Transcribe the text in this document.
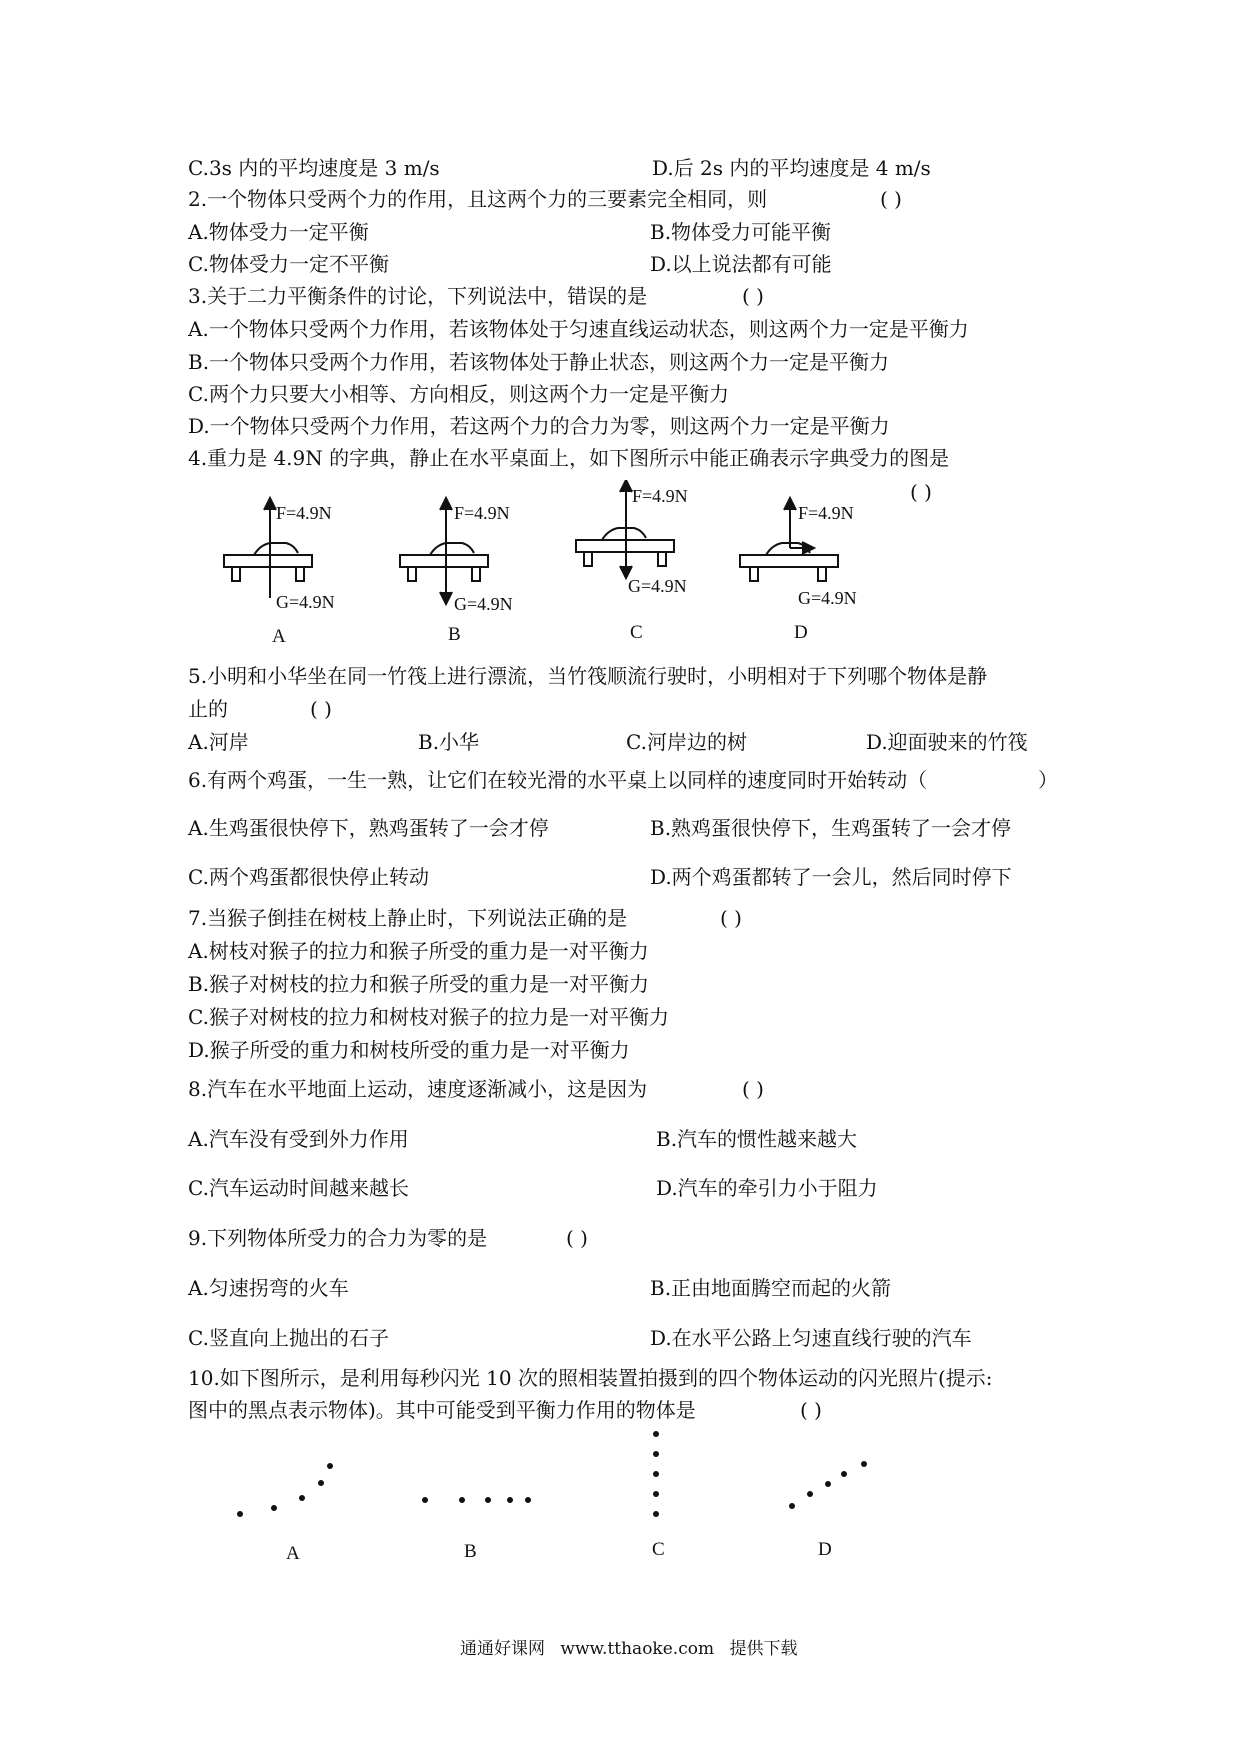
C.3s 内的平均速度是 3 m/s	D.后 2s 内的平均速度是 4 m/s
2.一个物体只受两个力的作用，且这两个力的三要素完全相同，则	( )
A.物体受力一定平衡	B.物体受力可能平衡
C.物体受力一定不平衡	D.以上说法都有可能
3.关于二力平衡条件的讨论，下列说法中，错误的是	( )
A.一个物体只受两个力作用，若该物体处于匀速直线运动状态，则这两个力一定是平衡力
B.一个物体只受两个力作用，若该物体处于静止状态，则这两个力一定是平衡力
C.两个力只要大小相等、方向相反，则这两个力一定是平衡力
D.一个物体只受两个力作用，若这两个力的合力为零，则这两个力一定是平衡力
4.重力是 4.9N 的字典，静止在水平桌面上，如下图所示中能正确表示字典受力的图是
( )
F=4.9N
G=4.9N
F=4.9N
G=4.9N
F=4.9N
G=4.9N
F=4.9N
G=4.9N
A	B	C	D
5.小明和小华坐在同一竹筏上进行漂流，当竹筏顺流行驶时，小明相对于下列哪个物体是静
止的	( )
A.河岸	B.小华	C.河岸边的树	D.迎面驶来的竹筏
6.有两个鸡蛋，一生一熟，让它们在较光滑的水平桌上以同样的速度同时开始转动（	）
A.生鸡蛋很快停下，熟鸡蛋转了一会才停	B.熟鸡蛋很快停下，生鸡蛋转了一会才停
C.两个鸡蛋都很快停止转动	D.两个鸡蛋都转了一会儿，然后同时停下
7.当猴子倒挂在树枝上静止时，下列说法正确的是	( )
A.树枝对猴子的拉力和猴子所受的重力是一对平衡力
B.猴子对树枝的拉力和猴子所受的重力是一对平衡力
C.猴子对树枝的拉力和树枝对猴子的拉力是一对平衡力
D.猴子所受的重力和树枝所受的重力是一对平衡力
8.汽车在水平地面上运动，速度逐渐减小，这是因为	( )
A.汽车没有受到外力作用	B.汽车的惯性越来越大
C.汽车运动时间越来越长	D.汽车的牵引力小于阻力
9.下列物体所受力的合力为零的是	( )
A.匀速拐弯的火车	B.正由地面腾空而起的火箭
C.竖直向上抛出的石子	D.在水平公路上匀速直线行驶的汽车
10.如下图所示，是利用每秒闪光 10 次的照相装置拍摄到的四个物体运动的闪光照片(提示:
图中的黑点表示物体)。其中可能受到平衡力作用的物体是	( )
A	B	C	D
通通好课网 www.tthaoke.com 提供下载
